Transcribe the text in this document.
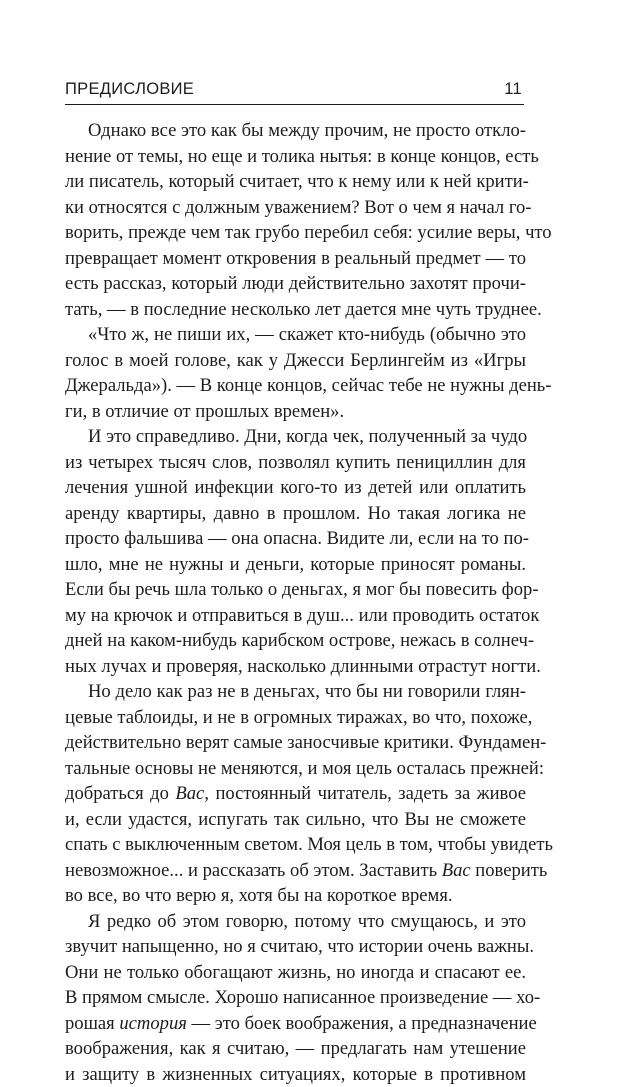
ПРЕДИСЛОВИЕ	11
Однако все это как бы между прочим, не просто откло-
нение от темы, но еще и толика нытья: в конце концов, есть
ли писатель, который считает, что к нему или к ней крити-
ки относятся с должным уважением? Вот о чем я начал го-
ворить, прежде чем так грубо перебил себя: усилие веры, что
превращает момент откровения в реальный предмет — то
есть рассказ, который люди действительно захотят прочи-
тать, — в последние несколько лет дается мне чуть труднее.
«Что ж, не пиши их, — скажет кто-нибудь (обычно это
голос в моей голове, как у Джесси Берлингейм из «Игры
Джеральда»). — В конце концов, сейчас тебе не нужны день-
ги, в отличие от прошлых времен».
И это справедливо. Дни, когда чек, полученный за чудо
из четырех тысяч слов, позволял купить пенициллин для
лечения ушной инфекции кого-то из детей или оплатить
аренду квартиры, давно в прошлом. Но такая логика не
просто фальшива — она опасна. Видите ли, если на то по-
шло, мне не нужны и деньги, которые приносят романы.
Если бы речь шла только о деньгах, я мог бы повесить фор-
му на крючок и отправиться в душ... или проводить остаток
дней на каком-нибудь карибском острове, нежась в солнеч-
ных лучах и проверяя, насколько длинными отрастут ногти.
Но дело как раз не в деньгах, что бы ни говорили глян-
цевые таблоиды, и не в огромных тиражах, во что, похоже,
действительно верят самые заносчивые критики. Фундамен-
тальные основы не меняются, и моя цель осталась прежней:
добраться до Вас, постоянный читатель, задеть за живое
и, если удастся, испугать так сильно, что Вы не сможете
спать с выключенным светом. Моя цель в том, чтобы увидеть
невозможное... и рассказать об этом. Заставить Вас поверить
во все, во что верю я, хотя бы на короткое время.
Я редко об этом говорю, потому что смущаюсь, и это
звучит напыщенно, но я считаю, что истории очень важны.
Они не только обогащают жизнь, но иногда и спасают ее.
В прямом смысле. Хорошо написанное произведение — хо-
рошая история — это боек воображения, а предназначение
воображения, как я считаю, — предлагать нам утешение
и защиту в жизненных ситуациях, которые в противном
